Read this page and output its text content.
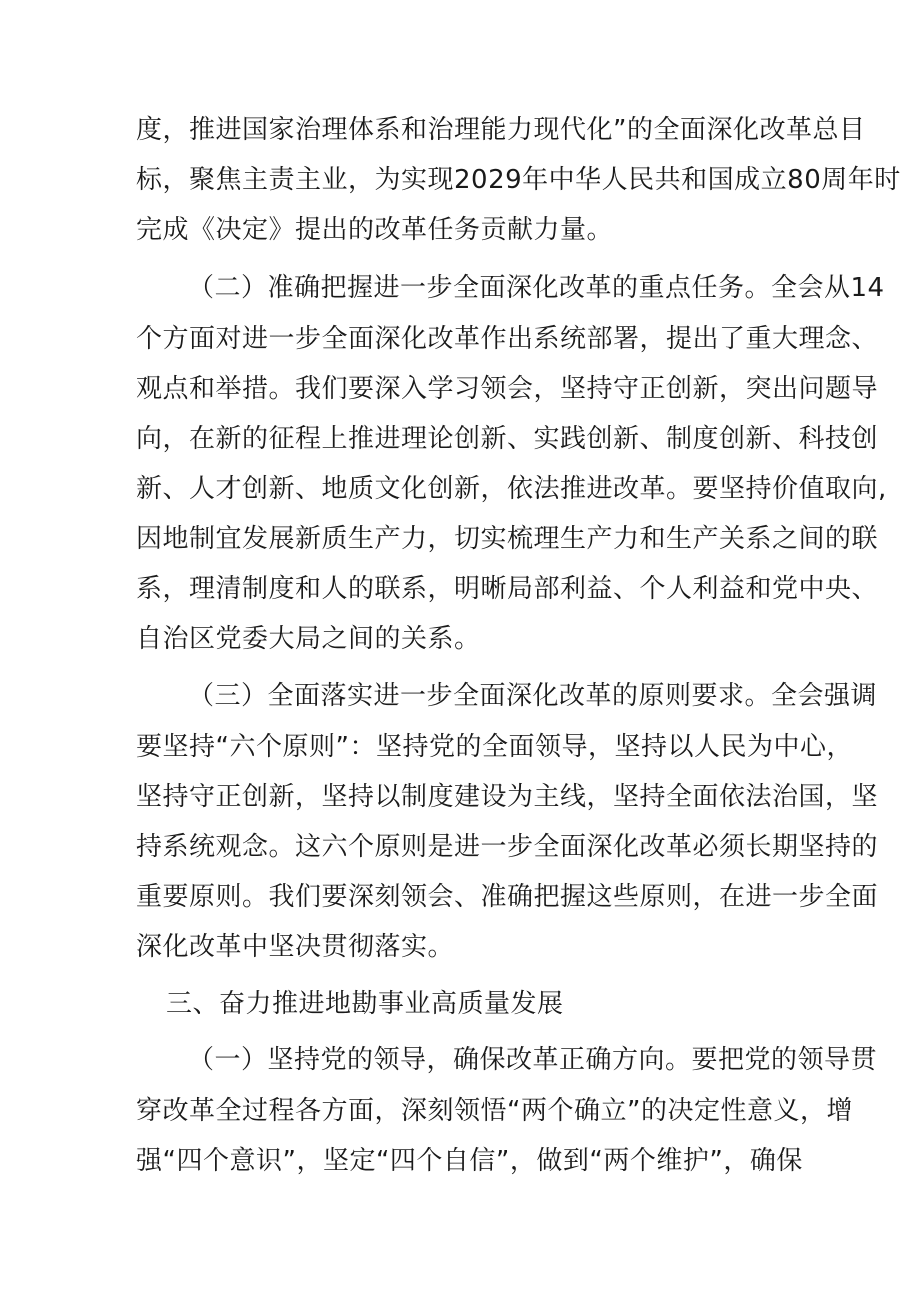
度，推进国家治理体系和治理能力现代化”的全面深化改革总目
标，聚焦主责主业，为实现2029年中华人民共和国成立80周年时
完成《决定》提出的改革任务贡献力量。
（二）准确把握进一步全面深化改革的重点任务。全会从14
个方面对进一步全面深化改革作出系统部署，提出了重大理念、
观点和举措。我们要深入学习领会，坚持守正创新，突出问题导
向，在新的征程上推进理论创新、实践创新、制度创新、科技创
新、人才创新、地质文化创新，依法推进改革。要坚持价值取向,
因地制宜发展新质生产力，切实梳理生产力和生产关系之间的联
系，理清制度和人的联系，明晰局部利益、个人利益和党中央、
自治区党委大局之间的关系。
（三）全面落实进一步全面深化改革的原则要求。全会强调
要坚持“六个原则”：坚持党的全面领导，坚持以人民为中心，
坚持守正创新，坚持以制度建设为主线，坚持全面依法治国，坚
持系统观念。这六个原则是进一步全面深化改革必须长期坚持的
重要原则。我们要深刻领会、准确把握这些原则，在进一步全面
深化改革中坚决贯彻落实。
三、奋力推进地勘事业高质量发展
（一）坚持党的领导，确保改革正确方向。要把党的领导贯
穿改革全过程各方面，深刻领悟“两个确立”的决定性意义，增
强“四个意识”，坚定“四个自信”，做到“两个维护”，确保
